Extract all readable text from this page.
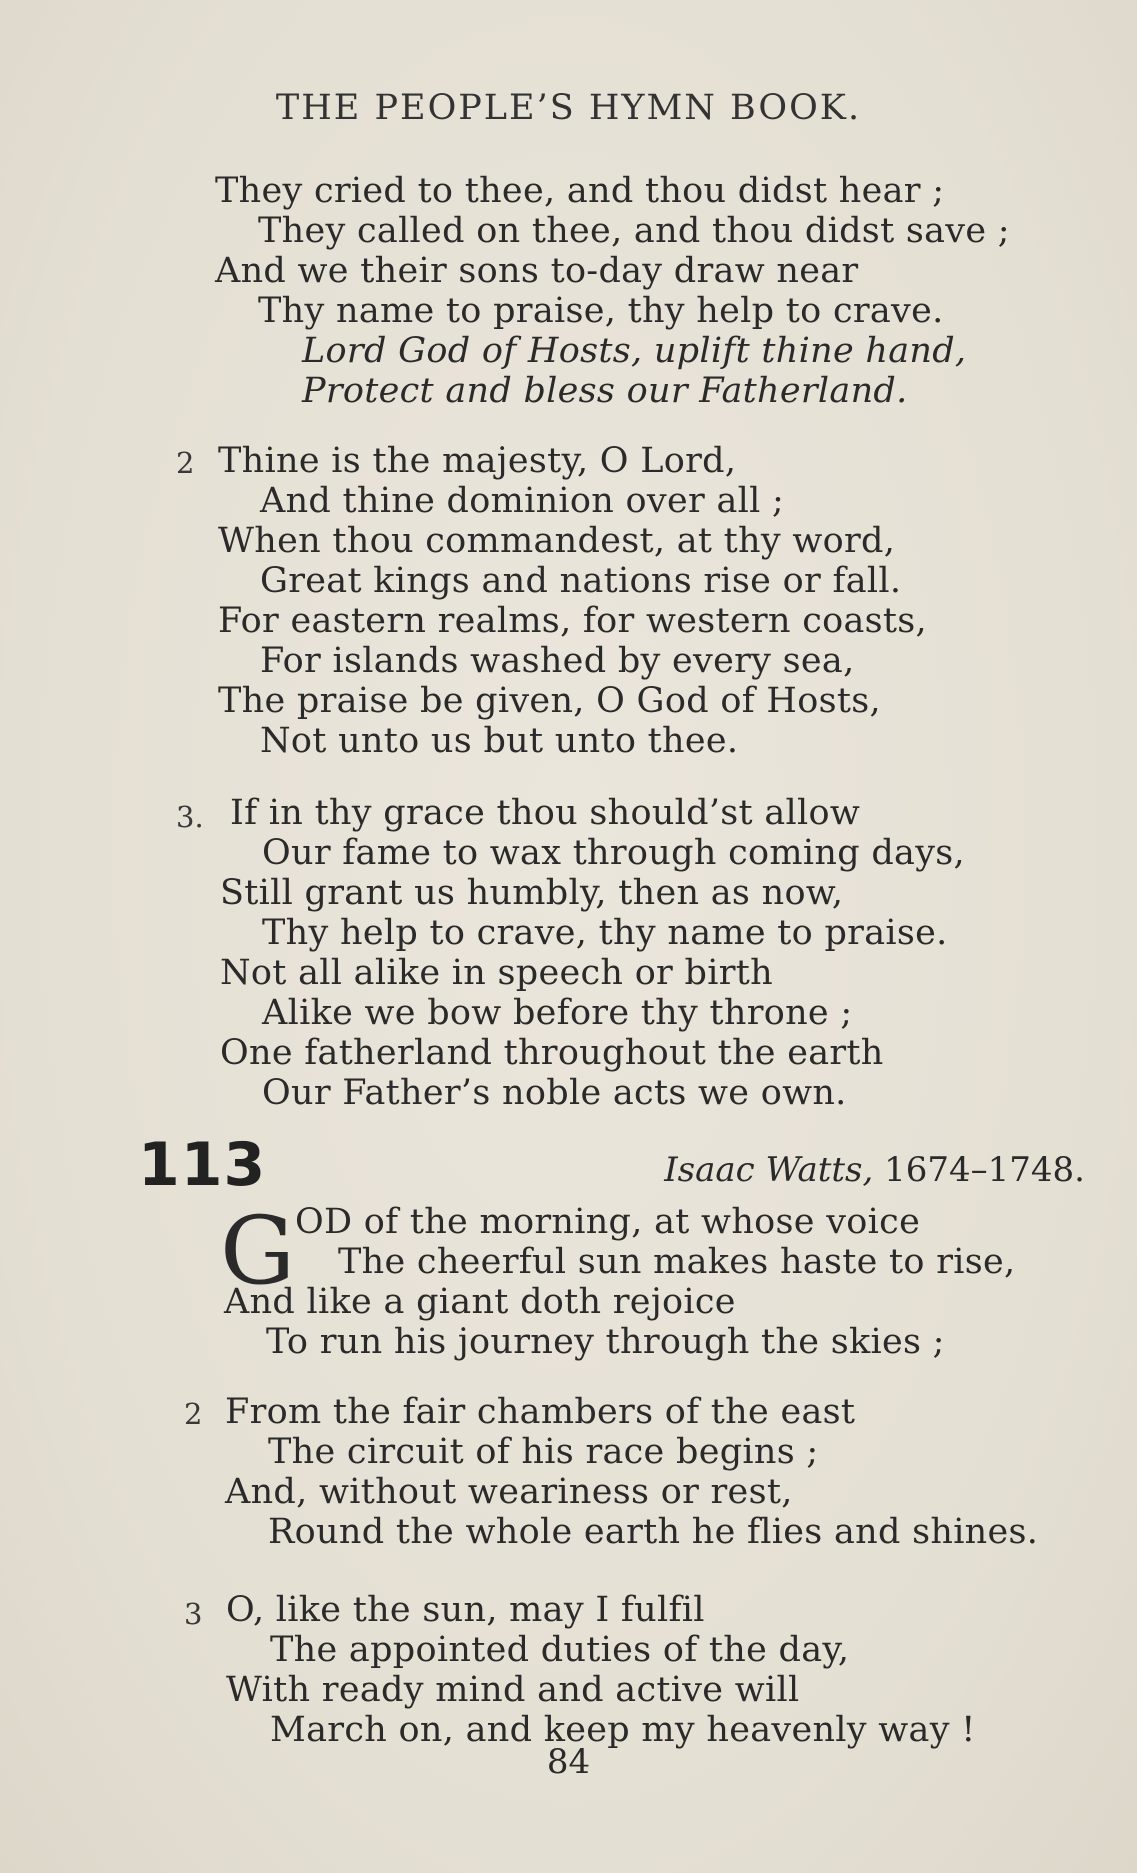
THE PEOPLE’S HYMN BOOK.
They cried to thee, and thou didst hear ;
They called on thee, and thou didst save ;
And we their sons to-day draw near
Thy name to praise, thy help to crave.
Lord God of Hosts, uplift thine hand,
Protect and bless our Fatherland.
2 Thine is the majesty, O Lord,
And thine dominion over all ;
When thou commandest, at thy word,
Great kings and nations rise or fall.
For eastern realms, for western coasts,
For islands washed by every sea,
The praise be given, O God of Hosts,
Not unto us but unto thee.
3. If in thy grace thou should’st allow
Our fame to wax through coming days,
Still grant us humbly, then as now,
Thy help to crave, thy name to praise.
Not all alike in speech or birth
Alike we bow before thy throne ;
One fatherland throughout the earth
Our Father’s noble acts we own.
113	Isaac Watts, 1674–1748.
G OD of the morning, at whose voice
The cheerful sun makes haste to rise,
And like a giant doth rejoice
To run his journey through the skies ;
2 From the fair chambers of the east
The circuit of his race begins ;
And, without weariness or rest,
Round the whole earth he flies and shines.
3 O, like the sun, may I fulfil
The appointed duties of the day,
With ready mind and active will
March on, and keep my heavenly way !
84
